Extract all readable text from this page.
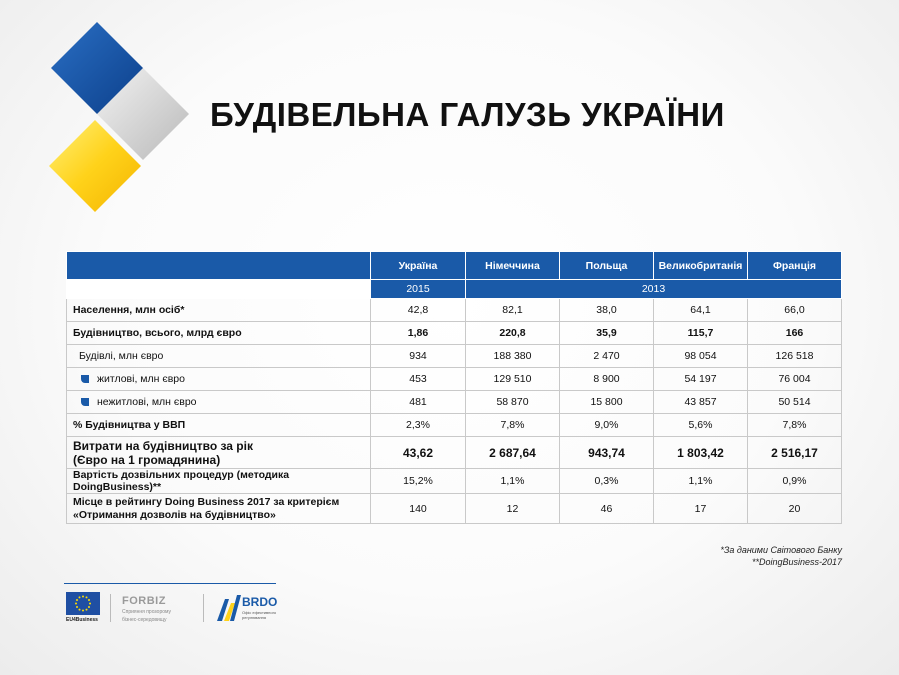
БУДІВЕЛЬНА ГАЛУЗЬ УКРАЇНИ
	Україна	Німеччина	Польща	Великобританія	Франція
	2015	2013			
Населення, млн осіб*	42,8	82,1	38,0	64,1	66,0
Будівництво, всього, млрд євро	1,86	220,8	35,9	115,7	166
Будівлі, млн євро	934	188 380	2 470	98 054	126 518
житлові, млн євро	453	129 510	8 900	54 197	76 004
нежитлові, млн євро	481	58 870	15 800	43 857	50 514
% Будівництва у ВВП	2,3%	7,8%	9,0%	5,6%	7,8%

Витрати на будівництво за рік
(Євро на 1 громадянина)	43,62	2 687,64	943,74	1 803,42	2 516,17
Вартість дозвільних процедур (методика DoingBusiness)**	15,2%	1,1%	0,3%	1,1%	0,9%

Місце в рейтингу Doing Business 2017 за критерієм
«Отримання дозволів на будівництво»	140	12	46	17	20
*За даними Світового Банку
**DoingBusiness-2017
EU4Business
FORBIZ
Сприяння прозорому
бізнес-середовищу
BRDO
Офіс ефективного
регулювання
